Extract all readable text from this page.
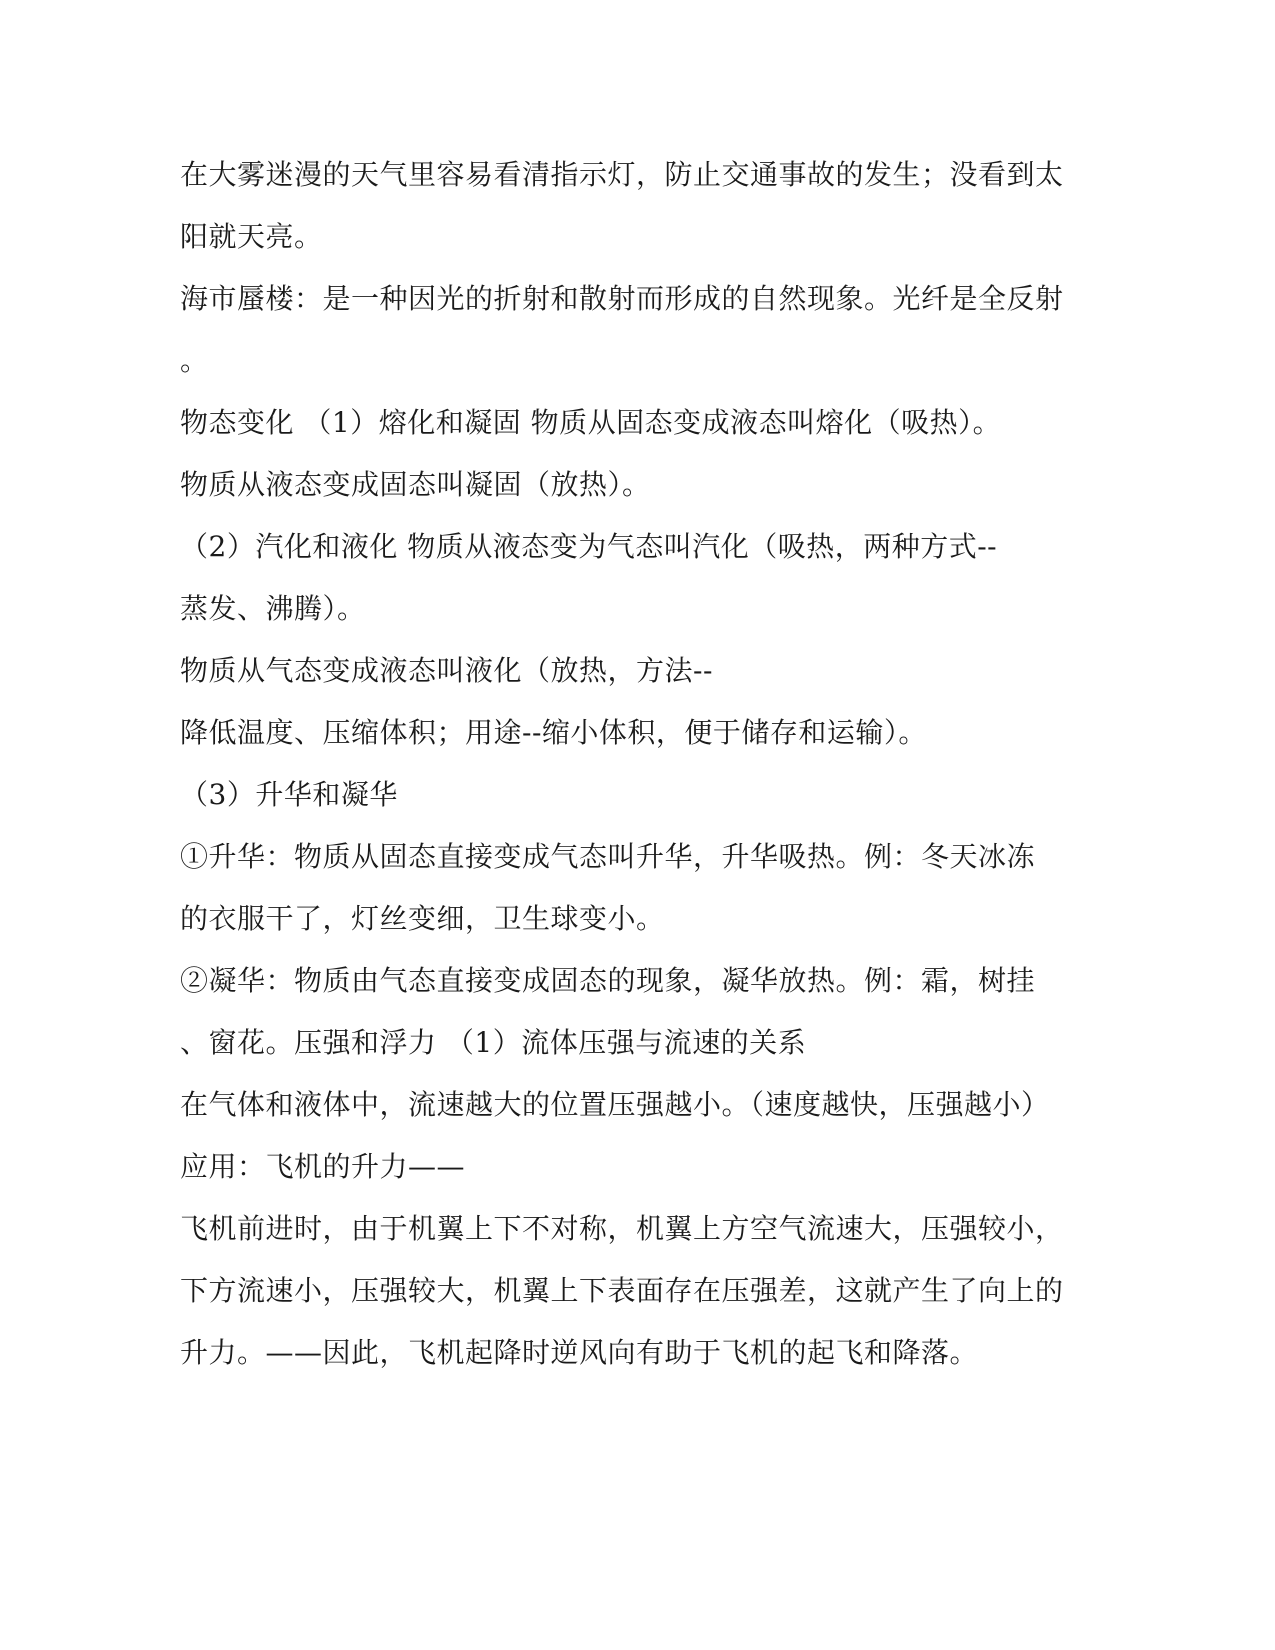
在大雾迷漫的天气里容易看清指示灯，防止交通事故的发生；没看到太
阳就天亮。
海市蜃楼：是一种因光的折射和散射而形成的自然现象。光纤是全反射
。
物态变化 （1）熔化和凝固 物质从固态变成液态叫熔化（吸热）。
物质从液态变成固态叫凝固（放热）。
（2）汽化和液化 物质从液态变为气态叫汽化（吸热，两种方式--
蒸发、沸腾）。
物质从气态变成液态叫液化（放热，方法--
降低温度、压缩体积；用途--缩小体积，便于储存和运输）。
（3）升华和凝华
①升华：物质从固态直接变成气态叫升华，升华吸热。例：冬天冰冻
的衣服干了，灯丝变细，卫生球变小。
②凝华：物质由气态直接变成固态的现象，凝华放热。例：霜，树挂
、窗花。压强和浮力 （1）流体压强与流速的关系
在气体和液体中，流速越大的位置压强越小。（速度越快，压强越小）
应用：飞机的升力——
飞机前进时，由于机翼上下不对称，机翼上方空气流速大，压强较小，
下方流速小，压强较大，机翼上下表面存在压强差，这就产生了向上的
升力。——因此，飞机起降时逆风向有助于飞机的起飞和降落。
